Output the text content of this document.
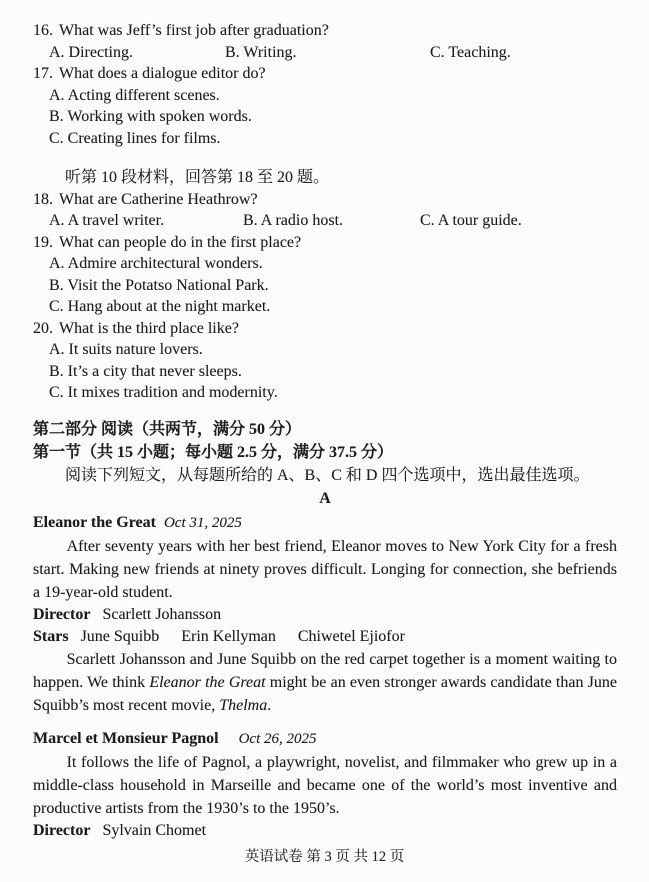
16. What was Jeff’s first job after graduation?
A. Directing.	B. Writing.	C. Teaching.
17. What does a dialogue editor do?
A. Acting different scenes.
B. Working with spoken words.
C. Creating lines for films.
听第 10 段材料，回答第 18 至 20 题。
18. What are Catherine Heathrow?
A. A travel writer.	B. A radio host.	C. A tour guide.
19. What can people do in the first place?
A. Admire architectural wonders.
B. Visit the Potatso National Park.
C. Hang about at the night market.
20. What is the third place like?
A. It suits nature lovers.
B. It’s a city that never sleeps.
C. It mixes tradition and modernity.
第二部分 阅读（共两节，满分 50 分）
第一节（共 15 小题；每小题 2.5 分，满分 37.5 分）
阅读下列短文，从每题所给的 A、B、C 和 D 四个选项中，选出最佳选项。
A
Eleanor the Great Oct 31, 2025

After seventy years with her best friend, Eleanor moves to New York City for a fresh start. Making new friends at ninety proves difficult. Longing for connection, she befriends a 19-year-old student.

Director Scarlett Johansson
Stars June Squibb Erin Kellyman Chiwetel Ejiofor

Scarlett Johansson and June Squibb on the red carpet together is a moment waiting to happen. We think Eleanor the Great might be an even stronger awards candidate than June Squibb’s most recent movie, Thelma.

Marcel et Monsieur Pagnol Oct 26, 2025

It follows the life of Pagnol, a playwright, novelist, and filmmaker who grew up in a middle-class household in Marseille and became one of the world’s most inventive and productive artists from the 1930’s to the 1950’s.

Director Sylvain Chomet
英语试卷 第 3 页 共 12 页
